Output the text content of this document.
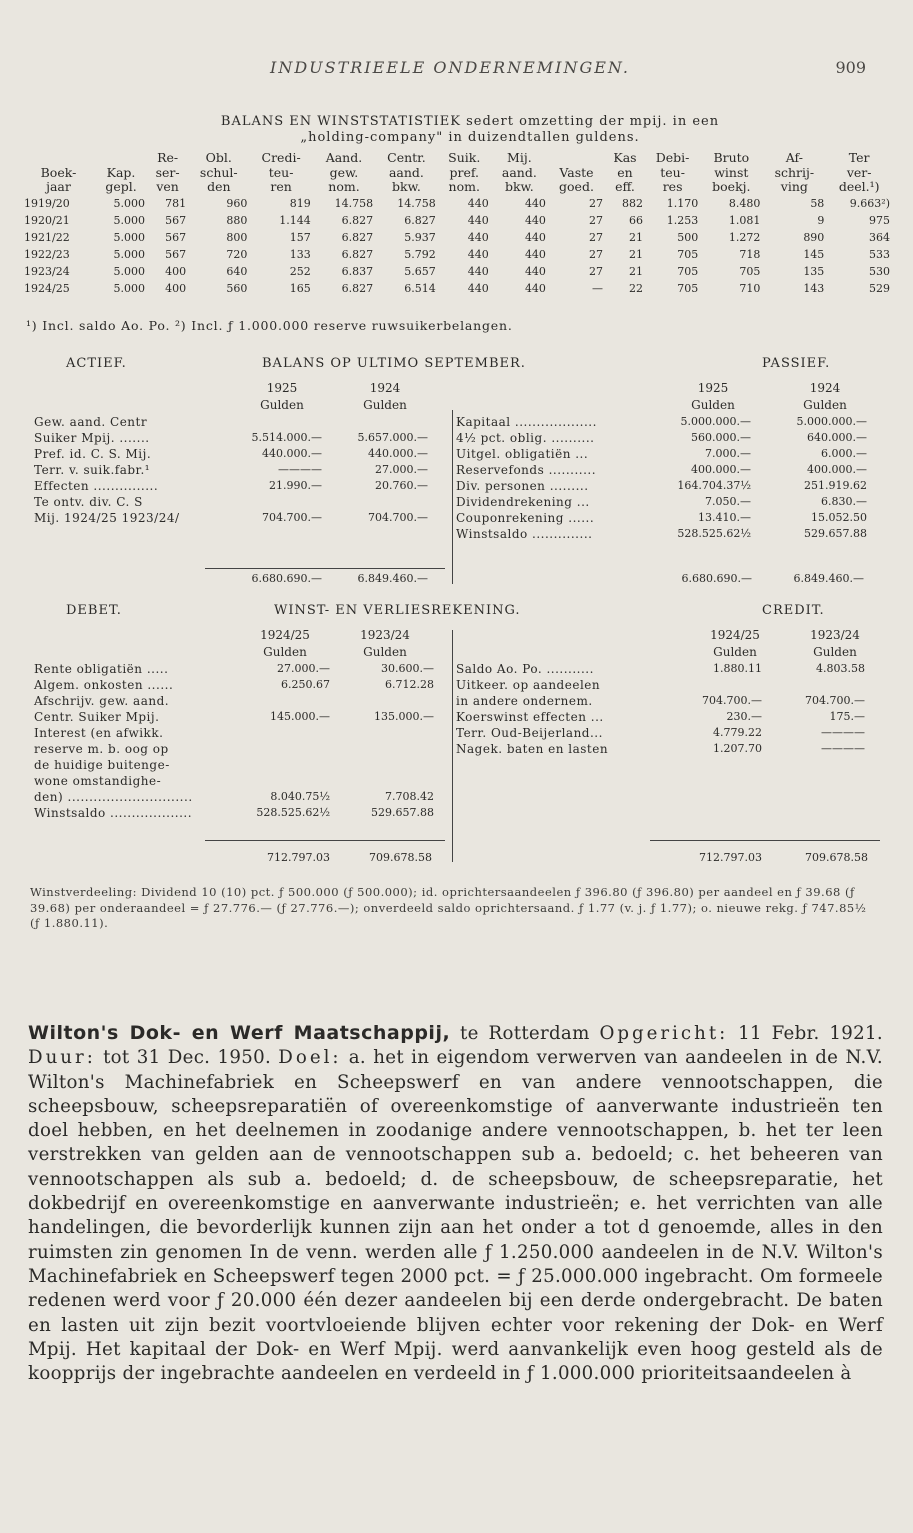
INDUSTRIEELE ONDERNEMINGEN.	909
BALANS EN WINSTSTATISTIEK sedert omzetting der mpij. in een
„holding-company" in duizendtallen guldens.
		Re-	Obl.	Credi-	Aand.	Centr.	Suik.	Mij.		Kas	Debi-	Bruto	Af-	Ter
Boek-	Kap.	ser-	schul-	teu-	gew.	aand.	pref.	aand.	Vaste	en	teu-	winst	schrij-	ver-
jaar	gepl.	ven	den	ren	nom.	bkw.	nom.	bkw.	goed.	eff.	res	boekj.	ving	deel.¹)
1919/20	5.000	781	960	819	14.758	14.758	440	440	27	882	1.170	8.480	58	9.663²)
1920/21	5.000	567	880	1.144	6.827	6.827	440	440	27	66	1.253	1.081	9	975
1921/22	5.000	567	800	157	6.827	5.937	440	440	27	21	500	1.272	890	364
1922/23	5.000	567	720	133	6.827	5.792	440	440	27	21	705	718	145	533
1923/24	5.000	400	640	252	6.837	5.657	440	440	27	21	705	705	135	530
1924/25	5.000	400	560	165	6.827	6.514	440	440	—	22	705	710	143	529
¹) Incl. saldo Ao. Po. ²) Incl. ƒ 1.000.000 reserve ruwsuikerbelangen.
ACTIEF.	BALANS OP ULTIMO SEPTEMBER.	PASSIEF.
1925
Gulden
1924
Gulden
1925
Gulden
1924
Gulden
Gew. aand. Centr
Suiker Mpij. .......	5.514.000.—	5.657.000.—
Pref. id. C. S. Mij.	440.000.—	440.000.—
Terr. v. suik.fabr.¹	————	27.000.—
Effecten ...............	21.990.—	20.760.—
Te ontv. div. C. S
Mij. 1924/25 1923/24/	704.700.—	704.700.—
Kapitaal ...................	5.000.000.—	5.000.000.—
4½ pct. oblig. ..........	560.000.—	640.000.—
Uitgel. obligatiën ...	7.000.—	6.000.—
Reservefonds ...........	400.000.—	400.000.—
Div. personen .........	164.704.37½	251.919.62
Dividendrekening ...	7.050.—	6.830.—
Couponrekening ......	13.410.—	15.052.50
Winstsaldo ..............	528.525.62½	529.657.88
6.680.690.—	6.849.460.—	6.680.690.—	6.849.460.—
DEBET.	WINST- EN VERLIESREKENING.	CREDIT.
1924/25
Gulden
1923/24
Gulden
1924/25
Gulden
1923/24
Gulden
Rente obligatiën .....	27.000.—	30.600.—
Algem. onkosten ......	6.250.67	6.712.28
Afschrijv. gew. aand.
Centr. Suiker Mpij.	145.000.—	135.000.—
Interest (en afwikk.
reserve m. b. oog op
de huidige buitenge-
wone omstandighe-
den) .............................	8.040.75½	7.708.42
Winstsaldo ...................	528.525.62½	529.657.88
Saldo Ao. Po. ...........	1.880.11	4.803.58
Uitkeer. op aandeelen
in andere ondernem.	704.700.—	704.700.—
Koerswinst effecten ...	230.—	175.—
Terr. Oud-Beijerland...	4.779.22	————
Nagek. baten en lasten	1.207.70	————
712.797.03	709.678.58	712.797.03	709.678.58
Winstverdeeling: Dividend 10 (10) pct. ƒ 500.000 (ƒ 500.000); id. oprichtersaandeelen ƒ 396.80 (ƒ 396.80) per aandeel en ƒ 39.68 (ƒ 39.68) per onderaandeel = ƒ 27.776.— (ƒ 27.776.—); onverdeeld saldo oprichtersaand. ƒ 1.77 (v. j. ƒ 1.77); o. nieuwe rekg. ƒ 747.85½ (ƒ 1.880.11).
Wilton's Dok- en Werf Maatschappij, te Rotterdam Opgericht: 11 Febr. 1921. Duur: tot 31 Dec. 1950. Doel: a. het in eigendom verwerven van aandeelen in de N.V. Wilton's Machinefabriek en Scheepswerf en van andere vennootschappen, die scheepsbouw, scheepsreparatiën of overeenkomstige of aanverwante industrieën ten doel hebben, en het deelnemen in zoodanige andere vennootschappen, b. het ter leen verstrekken van gelden aan de vennootschappen sub a. bedoeld; c. het beheeren van vennootschappen als sub a. bedoeld; d. de scheepsbouw, de scheepsreparatie, het dokbedrijf en overeenkomstige en aanverwante industrieën; e. het verrichten van alle handelingen, die bevorderlijk kunnen zijn aan het onder a tot d genoemde, alles in den ruimsten zin genomen In de venn. werden alle ƒ 1.250.000 aandeelen in de N.V. Wilton's Machinefabriek en Scheepswerf tegen 2000 pct. = ƒ 25.000.000 ingebracht. Om formeele redenen werd voor ƒ 20.000 één dezer aandeelen bij een derde ondergebracht. De baten en lasten uit zijn bezit voortvloeiende blijven echter voor rekening der Dok- en Werf Mpij. Het kapitaal der Dok- en Werf Mpij. werd aanvankelijk even hoog gesteld als de koopprijs der ingebrachte aandeelen en verdeeld in ƒ 1.000.000 prioriteitsaandeelen à
